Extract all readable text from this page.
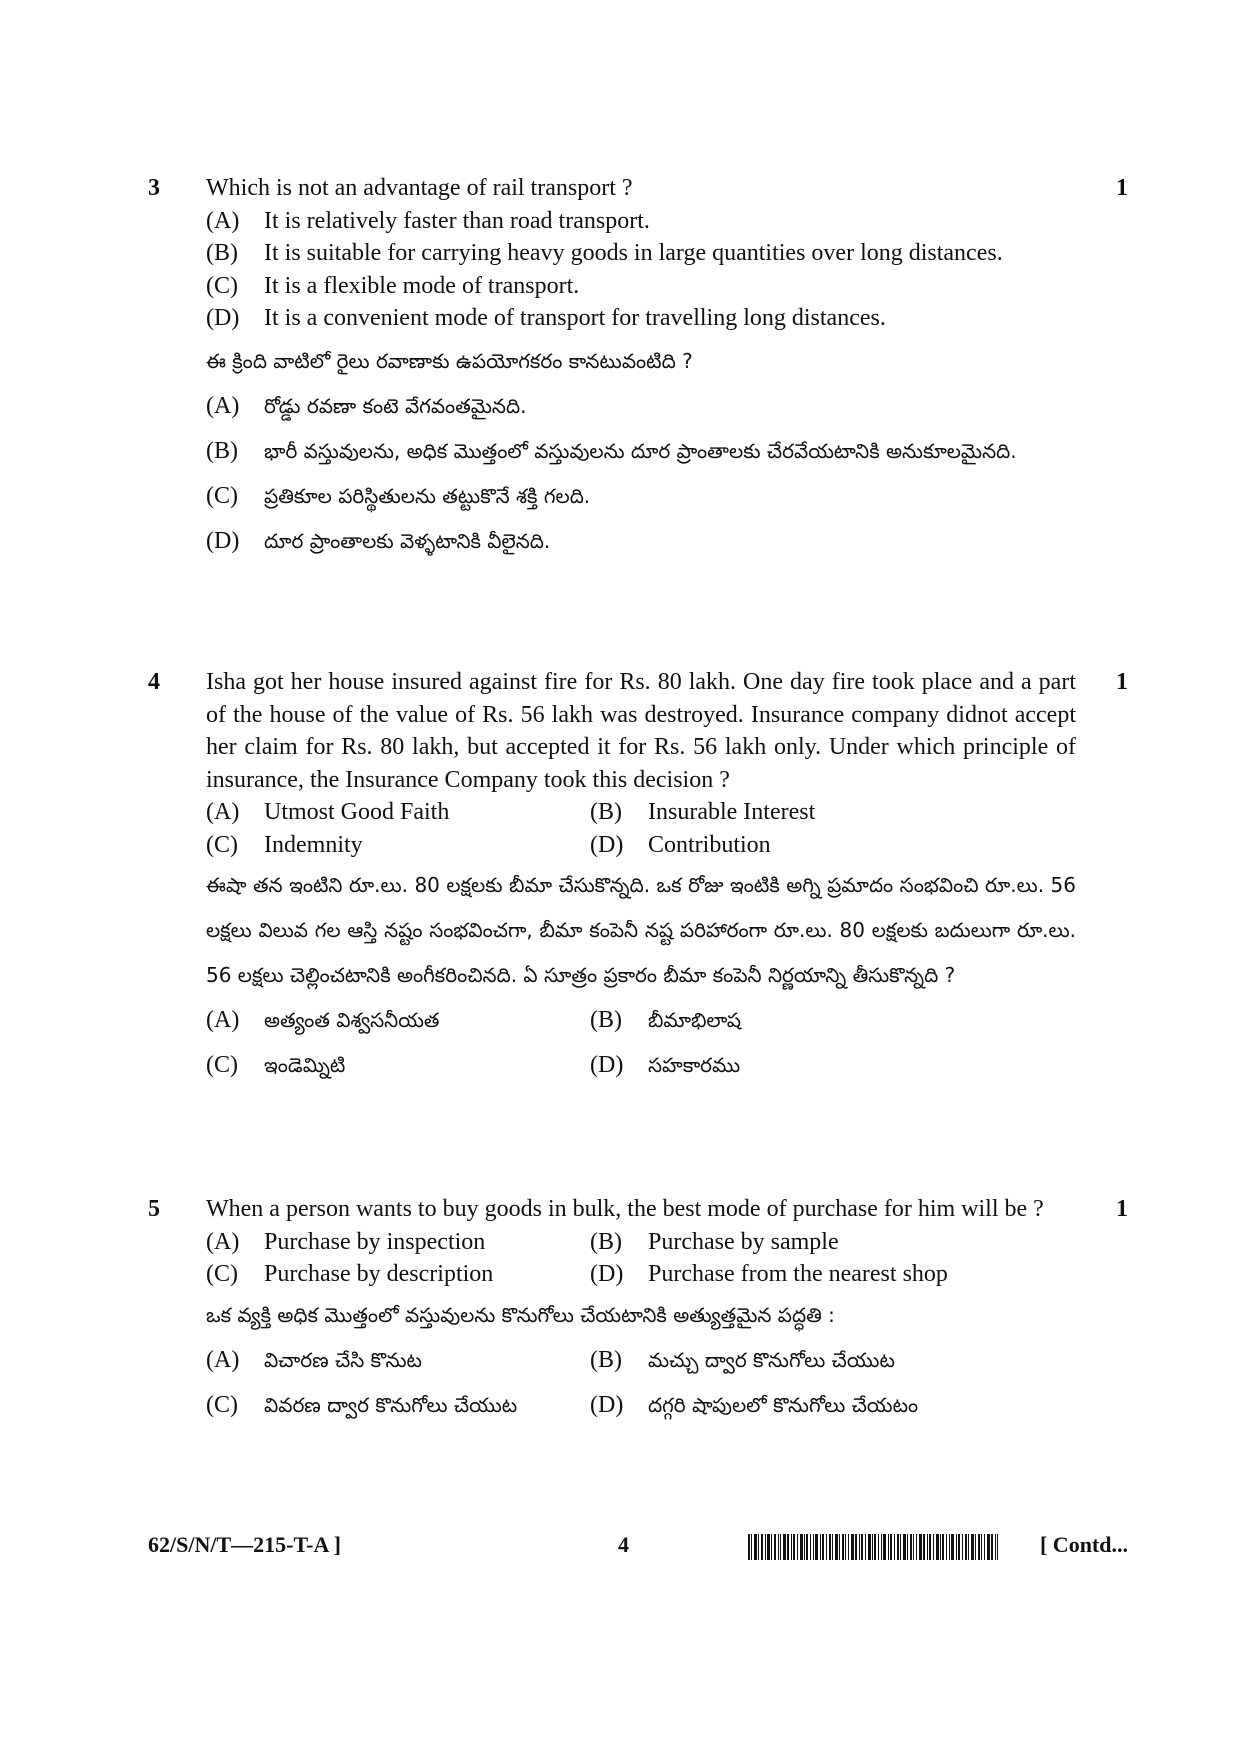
3	1
Which is not an advantage of rail transport ?
(A)	It is relatively faster than road transport.
(B)	It is suitable for carrying heavy goods in large quantities over long distances.
(C)	It is a flexible mode of transport.
(D)	It is a convenient mode of transport for travelling long distances.
ఈ క్రింది వాటిలో రైలు రవాణాకు ఉపయోగకరం కానటువంటిది ?
(A)	రోడ్డు రవణా కంటె వేగవంతమైనది.
(B)	భారీ వస్తువులను, అధిక మొత్తంలో వస్తువులను దూర ప్రాంతాలకు చేరవేయటానికి అనుకూలమైనది.
(C)	ప్రతికూల పరిస్థితులను తట్టుకొనే శక్తి గలది.
(D)	దూర ప్రాంతాలకు వెళ్ళటానికి వీలైనది.
4	1
Isha got her house insured against fire for Rs. 80 lakh. One day fire took place and a part of the house of the value of Rs. 56 lakh was destroyed. Insurance company didnot accept her claim for Rs. 80 lakh, but accepted it for Rs. 56 lakh only. Under which principle of insurance, the Insurance Company took this decision ?
(A)	Utmost Good Faith	(B)	Insurable Interest
(C)	Indemnity	(D)	Contribution
ఈషా తన ఇంటిని రూ.లు. 80 లక్షలకు బీమా చేసుకొన్నది. ఒక రోజు ఇంటికి అగ్ని ప్రమాదం సంభవించి రూ.లు. 56 లక్షలు విలువ గల ఆస్తి నష్టం సంభవించగా, బీమా కంపెనీ నష్ట పరిహారంగా రూ.లు. 80 లక్షలకు బదులుగా రూ.లు. 56 లక్షలు చెల్లించటానికి అంగీకరించినది. ఏ సూత్రం ప్రకారం బీమా కంపెనీ నిర్ణయాన్ని తీసుకొన్నది ?
(A)	అత్యంత విశ్వసనీయత	(B)	బీమాభిలాష
(C)	ఇండెమ్నిటి	(D)	సహకారము
5	1
When a person wants to buy goods in bulk, the best mode of purchase for him will be ?
(A)	Purchase by inspection	(B)	Purchase by sample
(C)	Purchase by description	(D)	Purchase from the nearest shop
ఒక వ్యక్తి అధిక మొత్తంలో వస్తువులను కొనుగోలు చేయటానికి అత్యుత్తమైన పద్ధతి :
(A)	విచారణ చేసి కొనుట	(B)	మచ్చు ద్వార కొనుగోలు చేయుట
(C)	వివరణ ద్వార కొనుగోలు చేయుట	(D)	దగ్గరి షాపులలో కొనుగోలు చేయటం
62/S/N/T—215-T-A ]	4	[ Contd...
